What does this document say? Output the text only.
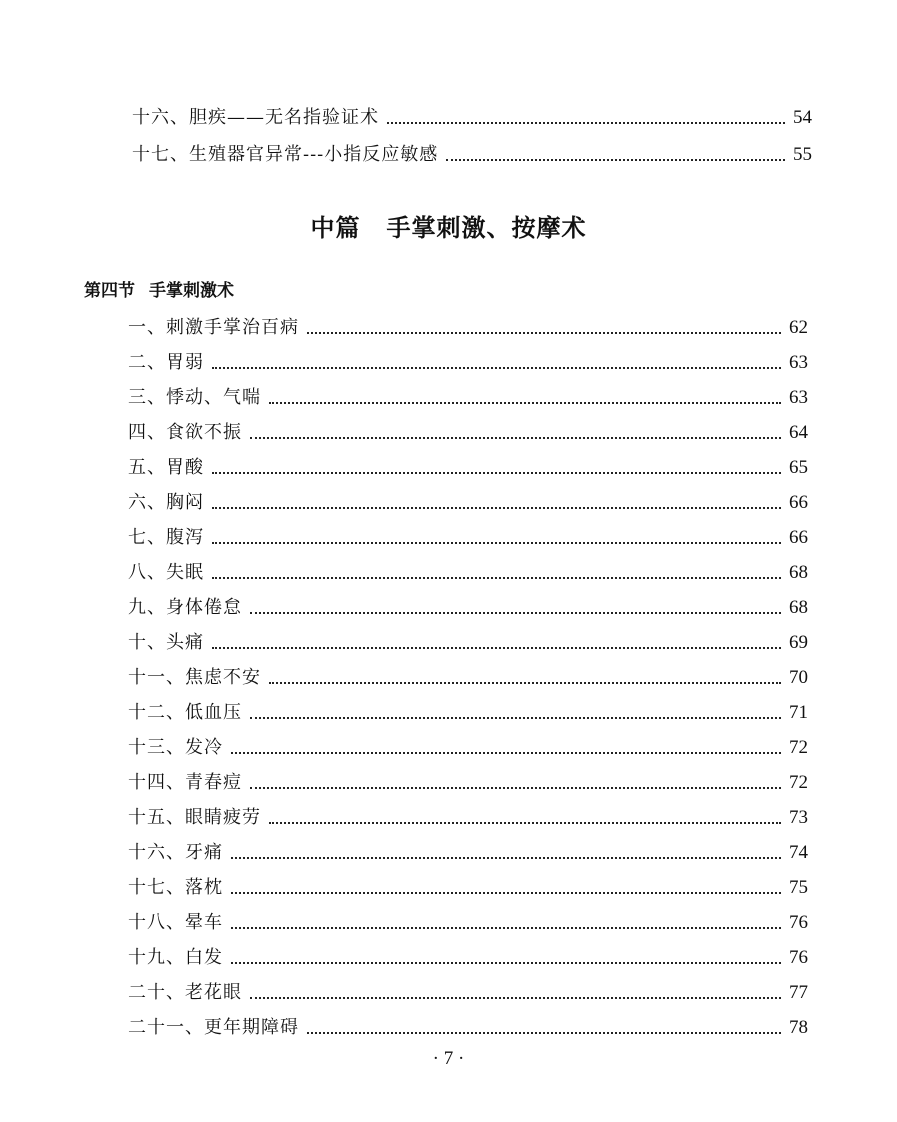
十六、胆疾——无名指验证术	54
十七、生殖器官异常---小指反应敏感	55
中篇 手掌刺激、按摩术
第四节 手掌刺激术
一、刺激手掌治百病	62
二、胃弱	63
三、悸动、气喘	63
四、食欲不振	64
五、胃酸	65
六、胸闷	66
七、腹泻	66
八、失眠	68
九、身体倦怠	68
十、头痛	69
十一、焦虑不安	70
十二、低血压	71
十三、发冷	72
十四、青春痘	72
十五、眼睛疲劳	73
十六、牙痛	74
十七、落枕	75
十八、晕车	76
十九、白发	76
二十、老花眼	77
二十一、更年期障碍	78
· 7 ·
